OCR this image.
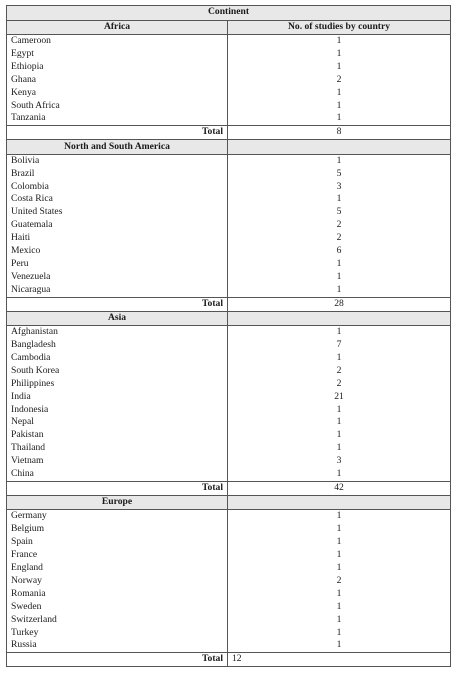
Continent	
Africa	No. of studies by country
Cameroon	1
Egypt	1
Ethiopia	1
Ghana	2
Kenya	1
South Africa	1
Tanzania	1
Total	8
North and South America	
Bolivia	1
Brazil	5
Colombia	3
Costa Rica	1
United States	5
Guatemala	2
Haiti	2
Mexico	6
Peru	1
Venezuela	1
Nicaragua	1
Total	28
Asia	
Afghanistan	1
Bangladesh	7
Cambodia	1
South Korea	2
Philippines	2
India	21
Indonesia	1
Nepal	1
Pakistan	1
Thailand	1
Vietnam	3
China	1
Total	42
Europe	
Germany	1
Belgium	1
Spain	1
France	1
England	1
Norway	2
Romania	1
Sweden	1
Switzerland	1
Turkey	1
Russia	1
Total	12
